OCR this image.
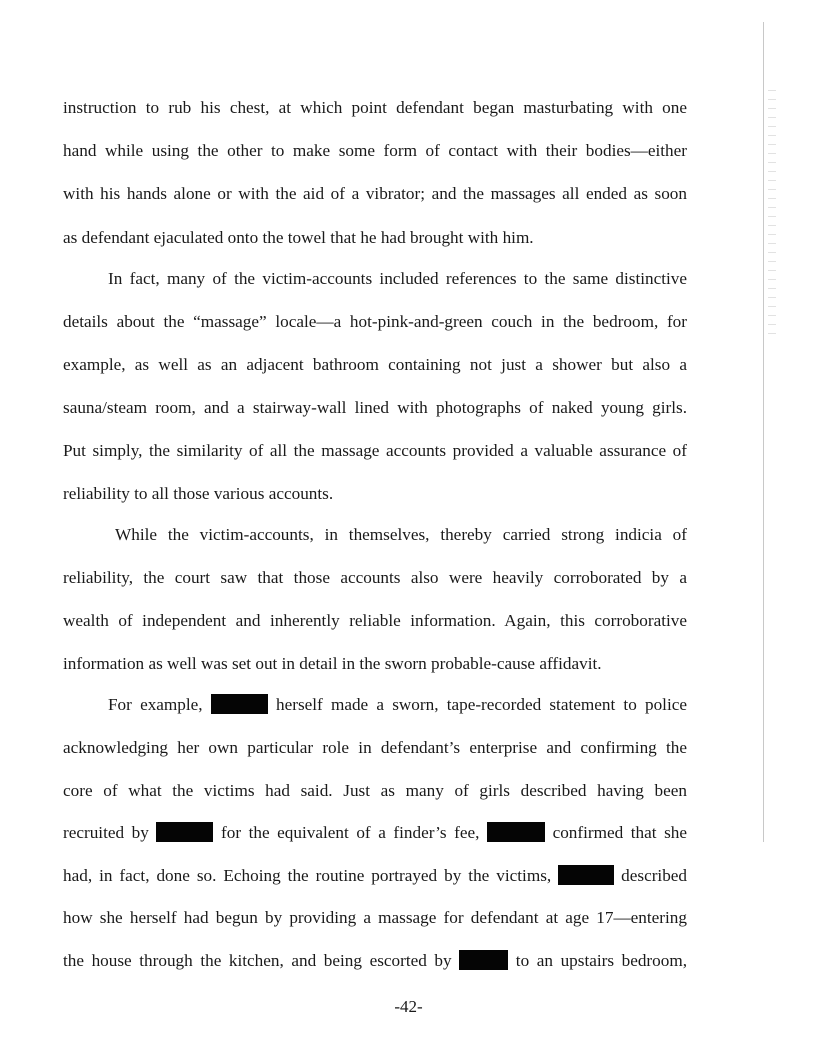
instruction to rub his chest, at which point defendant began masturbating with one
hand while using the other to make some form of contact with their bodies—either
with his hands alone or with the aid of a vibrator; and the massages all ended as soon
as defendant ejaculated onto the towel that he had brought with him.
In fact, many of the victim-accounts included references to the same distinctive
details about the “massage” locale—a hot-pink-and-green couch in the bedroom, for
example, as well as an adjacent bathroom containing not just a shower but also a
sauna/steam room, and a stairway-wall lined with photographs of naked young girls.
Put simply, the similarity of all the massage accounts provided a valuable assurance of
reliability to all those various accounts.
While the victim-accounts, in themselves, thereby carried strong indicia of
reliability, the court saw that those accounts also were heavily corroborated by a
wealth of independent and inherently reliable information. Again, this corroborative
information as well was set out in detail in the sworn probable-cause affidavit.
For example,	herself made a sworn, tape-recorded statement to police
acknowledging her own particular role in defendant’s enterprise and confirming the
core of what the victims had said. Just as many of girls described having been
recruited by	for the equivalent of a finder’s fee,	confirmed that she
had, in fact, done so. Echoing the routine portrayed by the victims,	described
how she herself had begun by providing a massage for defendant at age 17—entering
the house through the kitchen, and being escorted by	to an upstairs bedroom,
-42-
